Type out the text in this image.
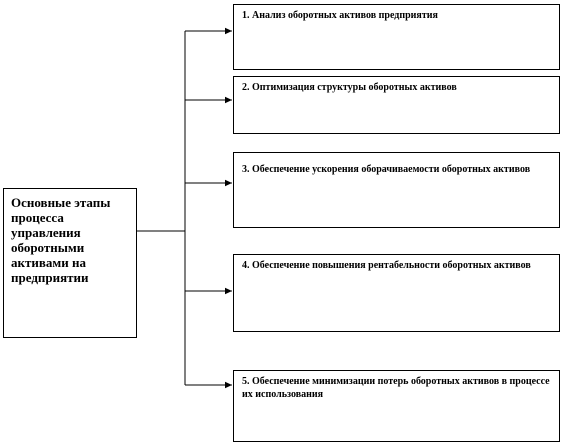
Основные этапы процесса управления оборотными активами на предприятии
1. Анализ оборотных активов предприятия
2. Оптимизация структуры оборотных активов
3. Обеспечение ускорения оборачиваемости оборотных активов
4. Обеспечение повышения рентабельности оборотных активов
5. Обеспечение минимизации потерь оборотных активов в процессе их использования
